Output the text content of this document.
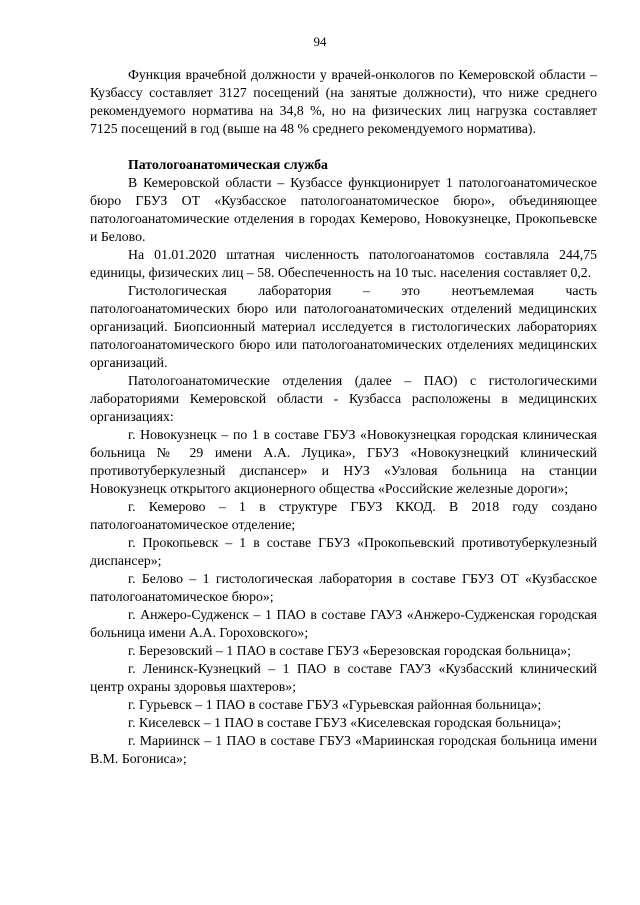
94

Функция врачебной должности у врачей-онкологов по Кемеровской области – Кузбассу составляет 3127 посещений (на занятые должности), что ниже среднего рекомендуемого норматива на 34,8 %, но на физических лиц нагрузка составляет 7125 посещений в год (выше на 48 % среднего рекомендуемого норматива).

Патологоанатомическая служба

В Кемеровской области – Кузбассе функционирует 1 патологоанатомическое бюро ГБУЗ ОТ «Кузбасское патологоанатомическое бюро», объединяющее патологоанатомические отделения в городах Кемерово, Новокузнецке, Прокопьевске и Белово.

На 01.01.2020 штатная численность патологоанатомов составляла 244,75 единицы, физических лиц – 58. Обеспеченность на 10 тыс. населения составляет 0,2.

Гистологическая лаборатория – это неотъемлемая часть патологоанатомических бюро или патологоанатомических отделений медицинских организаций. Биопсионный материал исследуется в гистологических лабораториях патологоанатомического бюро или патологоанатомических отделениях медицинских организаций.

Патологоанатомические отделения (далее – ПАО) с гистологическими лабораториями Кемеровской области - Кузбасса расположены в медицинских организациях:

г. Новокузнецк – по 1 в составе ГБУЗ «Новокузнецкая городская клиническая больница № 29 имени А.А. Луцика», ГБУЗ «Новокузнецкий клинический противотуберкулезный диспансер» и НУЗ «Узловая больница на станции Новокузнецк открытого акционерного общества «Российские железные дороги»;

г. Кемерово – 1 в структуре ГБУЗ ККОД. В 2018 году создано патологоанатомическое отделение;

г. Прокопьевск – 1 в составе ГБУЗ «Прокопьевский противотуберкулезный диспансер»;

г. Белово – 1 гистологическая лаборатория в составе ГБУЗ ОТ «Кузбасское патологоанатомическое бюро»;

г. Анжеро-Судженск – 1 ПАО в составе ГАУЗ «Анжеро-Судженская городская больница имени А.А. Гороховского»;

г. Березовский – 1 ПАО в составе ГБУЗ «Березовская городская больница»;

г. Ленинск-Кузнецкий – 1 ПАО в составе ГАУЗ «Кузбасский клинический центр охраны здоровья шахтеров»;

г. Гурьевск – 1 ПАО в составе ГБУЗ «Гурьевская районная больница»;

г. Киселевск – 1 ПАО в составе ГБУЗ «Киселевская городская больница»;

г. Мариинск – 1 ПАО в составе ГБУЗ «Мариинская городская больница имени В.М. Богониса»;
